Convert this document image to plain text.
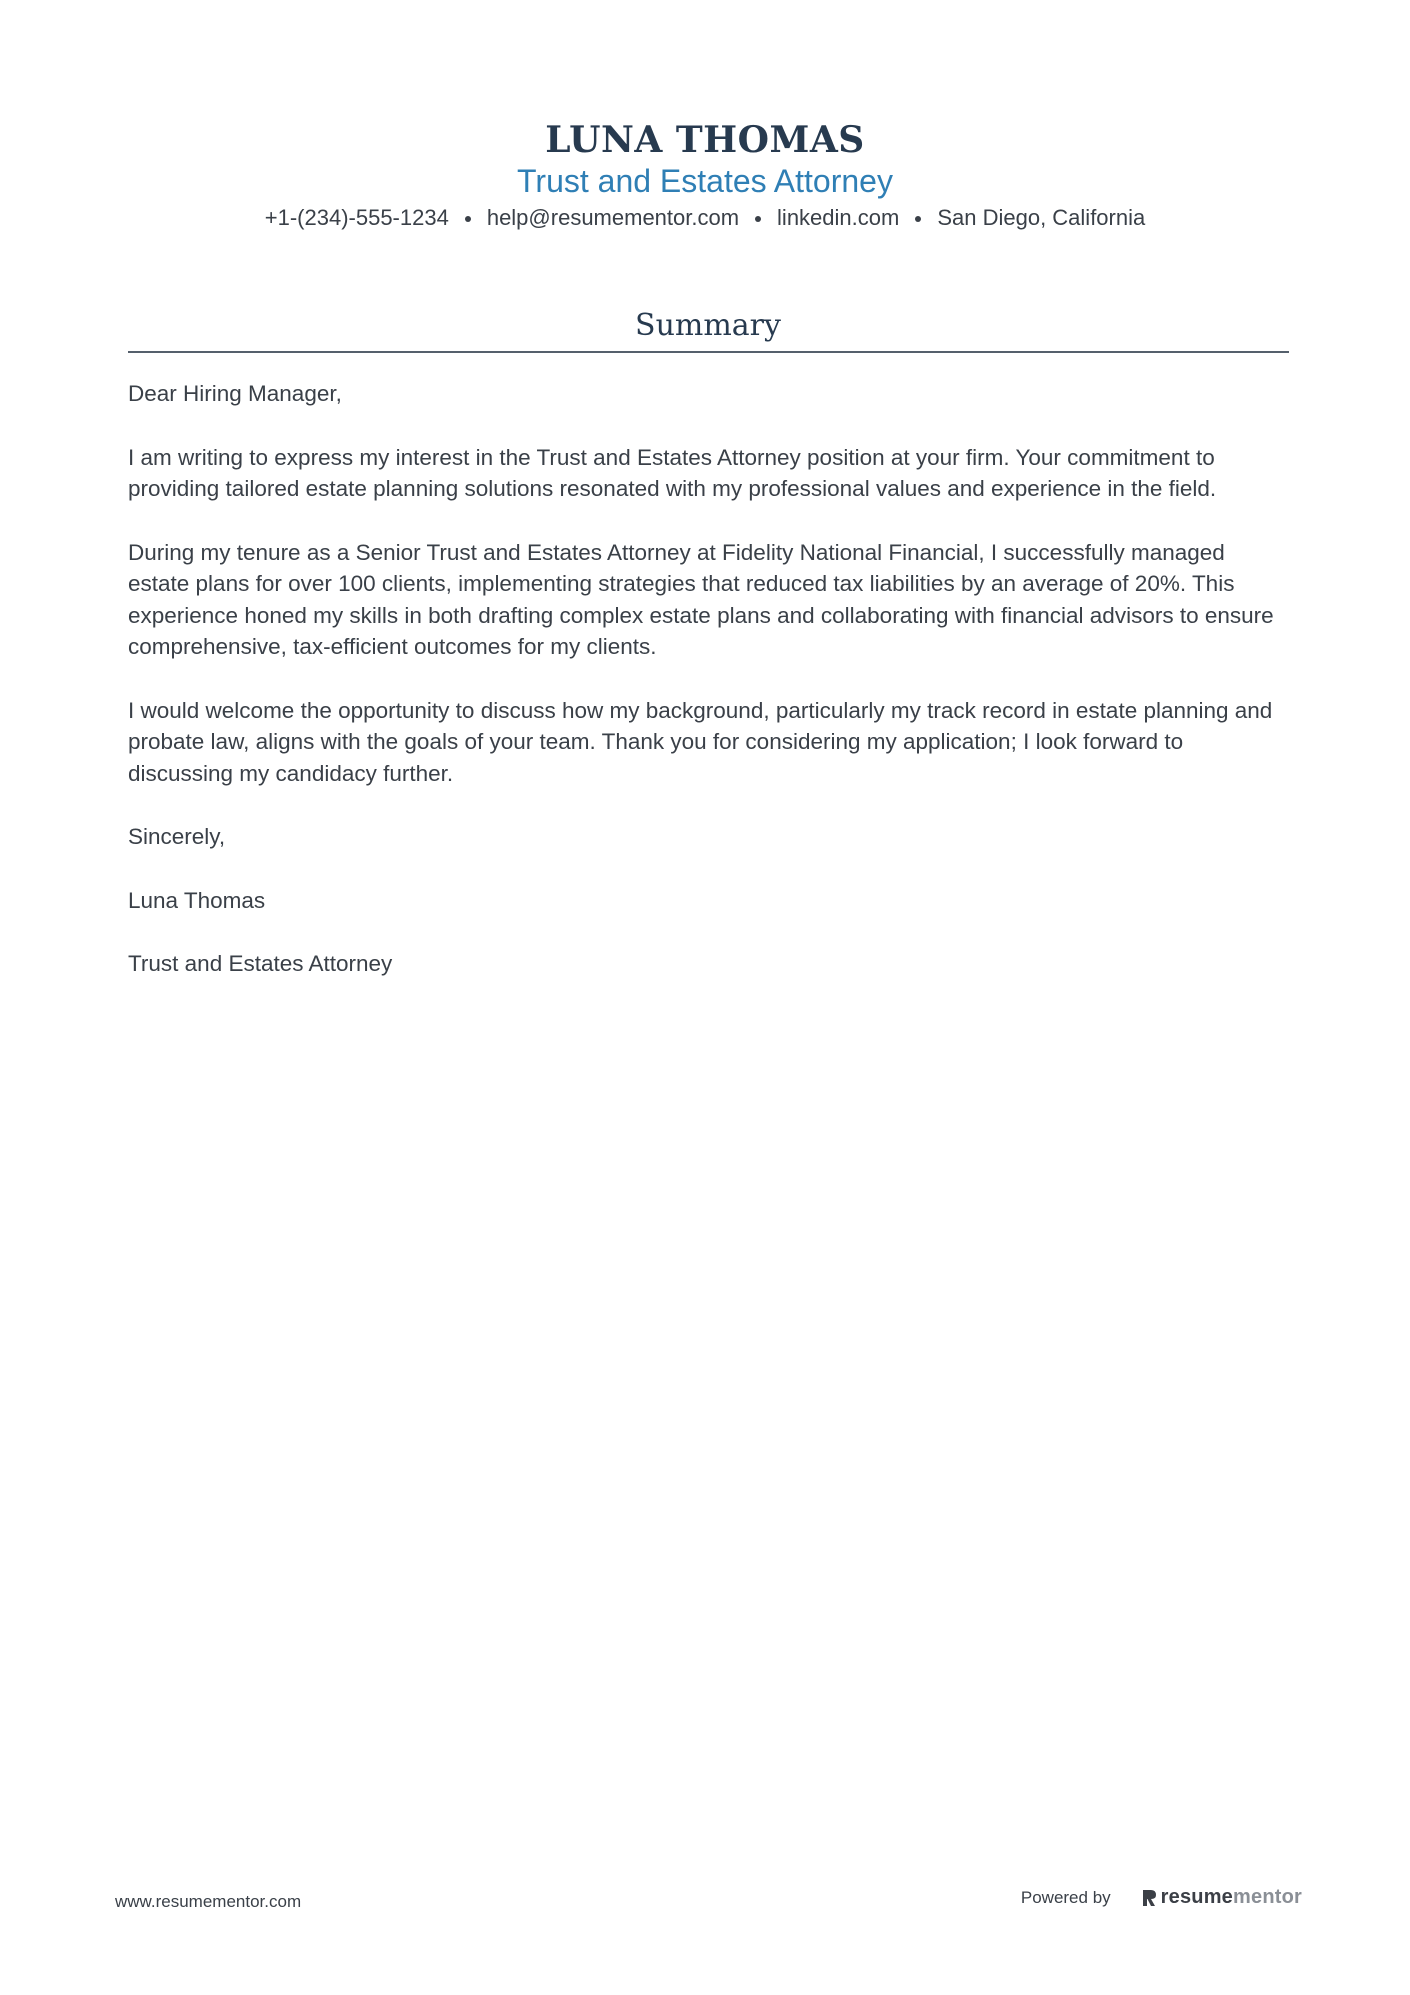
LUNA THOMAS
Trust and Estates Attorney
+1-(234)-555-1234 help@resumementor.com linkedin.com San Diego, California
Summary

Dear Hiring Manager,

I am writing to express my interest in the Trust and Estates Attorney position at your firm. Your commitment to providing tailored estate planning solutions resonated with my professional values and experience in the field.

During my tenure as a Senior Trust and Estates Attorney at Fidelity National Financial, I successfully managed estate plans for over 100 clients, implementing strategies that reduced tax liabilities by an average of 20%. This experience honed my skills in both drafting complex estate plans and collaborating with financial advisors to ensure comprehensive, tax-efficient outcomes for my clients.

I would welcome the opportunity to discuss how my background, particularly my track record in estate planning and probate law, aligns with the goals of your team. Thank you for considering my application; I look forward to discussing my candidacy further.

Sincerely,

Luna Thomas

Trust and Estates Attorney

www.resumementor.com	Powered by	resume mentor
